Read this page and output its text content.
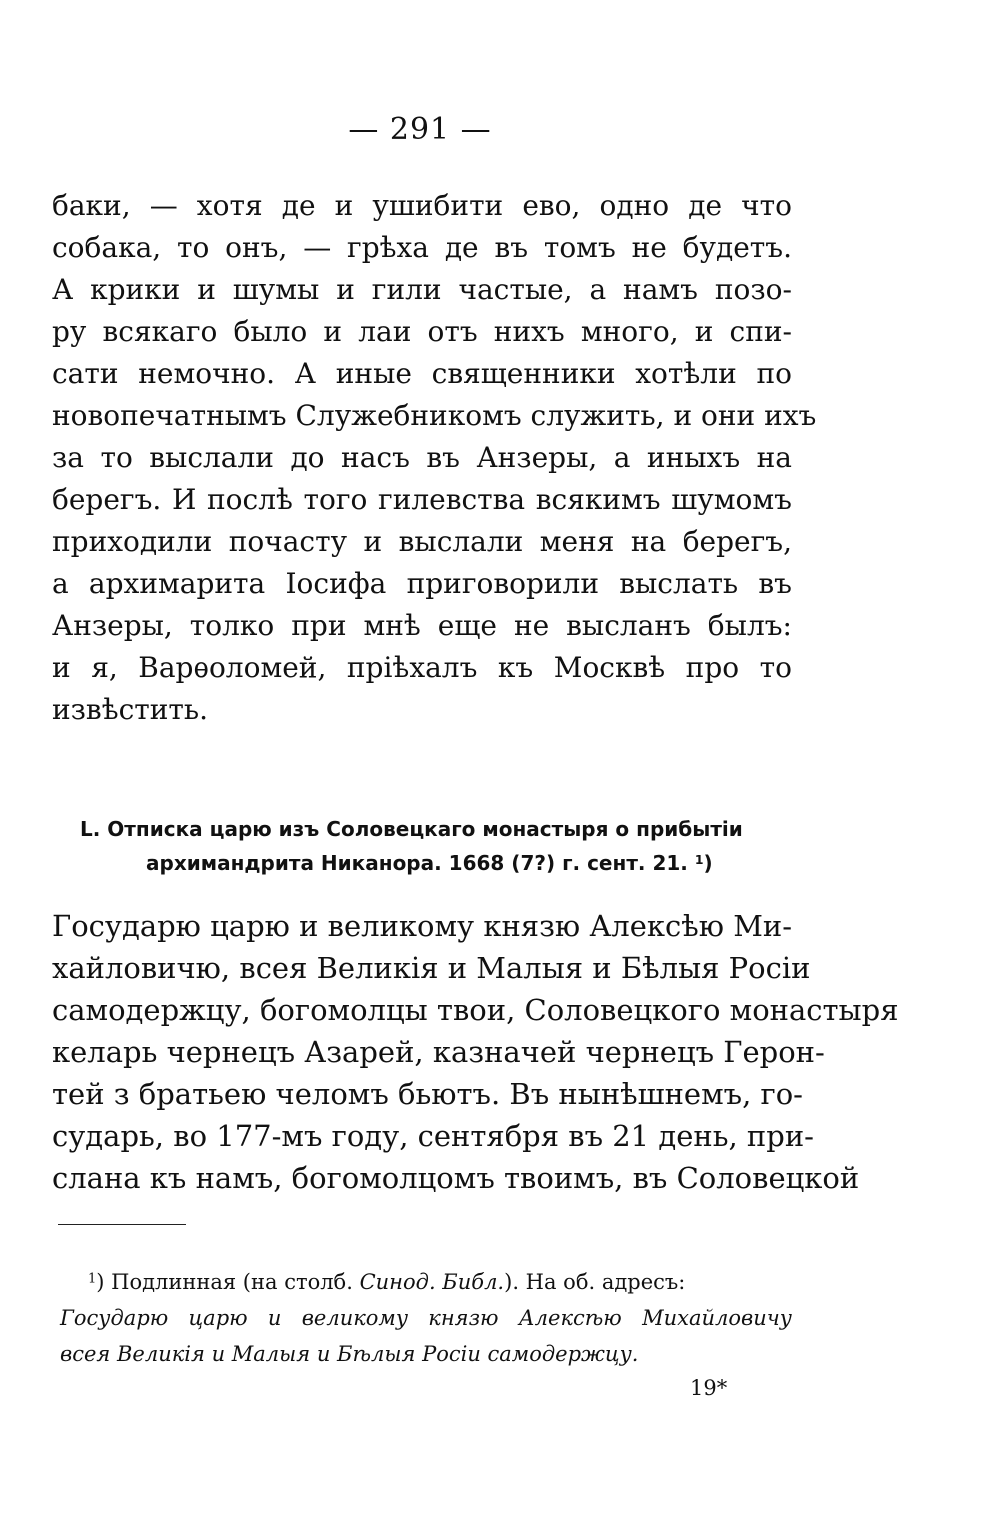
— 291 —
баки, — хотя де и ушибити ево, одно де что
собака, то онъ, — грѣха де въ томъ не будетъ.
А крики и шумы и гили частые, а намъ позо-
ру всякаго было и лаи отъ нихъ много, и спи-
сати немочно. А иные священники хотѣли по
новопечатнымъ Служебникомъ служить, и они ихъ
за то выслали до насъ въ Анзеры, а иныхъ на
берегъ. И послѣ того гилевства всякимъ шумомъ
приходили почасту и выслали меня на берегъ,
а архимарита Іосифа приговорили выслать въ
Анзеры, толко при мнѣ еще не высланъ былъ:
и я, Варѳоломей, пріѣхалъ къ Москвѣ про то
извѣстить.
L. Отписка царю изъ Соловецкаго монастыря о прибытіи
архимандрита Никанора. 1668 (7?) г. сент. 21. $^1$)
Государю царю и великому князю Алексѣю Ми-
хайловичю, всея Великія и Малыя и Бѣлыя Росіи
самодержцу, богомолцы твои, Соловецкого монастыря
келарь чернецъ Азарей, казначей чернецъ Герон-
тей з братьею челомъ бьютъ. Въ нынѣшнемъ, го-
сударь, во 177-мъ году, сентября въ 21 день, при-
слана къ намъ, богомолцомъ твоимъ, въ Соловецкой
$^1$) Подлинная (на столб. Синод. Библ.). На об. адресъ:
Государю царю и великому князю Алексѣю Михайловичу
всея Великія и Малыя и Бѣлыя Росіи самодержцу.
19*
